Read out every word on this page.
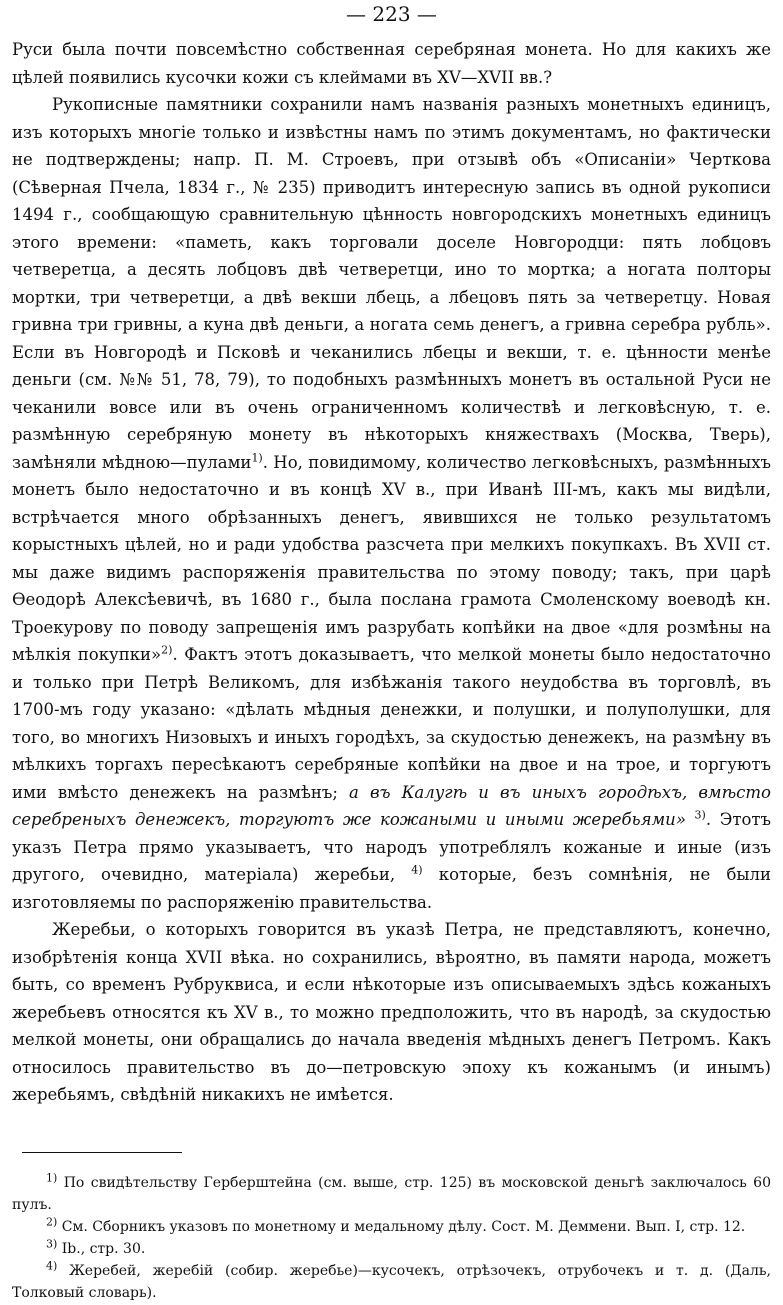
— 223 —

Руси была почти повсемѣстно собственная серебряная монета. Но для какихъ же цѣлей появились кусочки кожи съ клеймами въ XV—XVII вв.?

Рукописные памятники сохранили намъ названія разныхъ монетныхъ единицъ, изъ которыхъ многіе только и извѣстны намъ по этимъ документамъ, но фактически не подтверждены; напр. П. М. Строевъ, при отзывѣ объ «Описаніи» Черткова (Сѣверная Пчела, 1834 г., № 235) приводитъ интересную запись въ одной рукописи 1494 г., сообщающую сравнительную цѣнность новгородскихъ монетныхъ единицъ этого времени: «паметь, какъ торговали доселе Новгородци: пять лобцовъ четверетца, а десять лобцовъ двѣ четверетци, ино то мортка; а ногата полторы мортки, три четверетци, а двѣ векши лбець, а лбецовъ пять за четверетцу. Новая гривна три гривны, а куна двѣ деньги, а ногата семь денегъ, а гривна серебра рубль». Если въ Новгородѣ и Псковѣ и чеканились лбецы и векши, т. е. цѣнности менѣе деньги (см. №№ 51, 78, 79), то подобныхъ размѣнныхъ монетъ въ остальной Руси не чеканили вовсе или въ очень ограниченномъ количествѣ и легковѣсную, т. е. размѣнную серебряную монету въ нѣкоторыхъ княжествахъ (Москва, Тверь), замѣняли мѣдною—пулами$^{1)}$. Но, повидимому, количество легковѣсныхъ, размѣнныхъ монетъ было недостаточно и въ концѣ XV в., при Иванѣ III-мъ, какъ мы видѣли, встрѣчается много обрѣзанныхъ денегъ, явившихся не только результатомъ корыстныхъ цѣлей, но и ради удобства разсчета при мелкихъ покупкахъ. Въ XVII ст. мы даже видимъ распоряженія правительства по этому поводу; такъ, при царѣ Ѳеодорѣ Алексѣевичѣ, въ 1680 г., была послана грамота Смоленскому воеводѣ кн. Троекурову по поводу запрещенія имъ разрубать копѣйки на двое «для розмѣны на мѣлкія покупки»$^{2)}$. Фактъ этотъ доказываетъ, что мелкой монеты было недостаточно и только при Петрѣ Великомъ, для избѣжанія такого неудобства въ торговлѣ, въ 1700-мъ году указано: «дѣлать мѣдныя денежки, и полушки, и полуполушки, для того, во многихъ Низовыхъ и иныхъ городѣхъ, за скудостью денежекъ, на размѣну въ мѣлкихъ торгахъ пересѣкаютъ серебряные копѣйки на двое и на трое, и торгуютъ ими вмѣсто денежекъ на размѣнъ; а въ Калугѣ и въ иныхъ городѣхъ, вмѣсто серебреныхъ денежекъ, торгуютъ же кожаными и иными жеребьями» $^{3)}$. Этотъ указъ Петра прямо указываетъ, что народъ употреблялъ кожаные и иные (изъ другого, очевидно, матеріала) жеребьи, $^{4)}$ которые, безъ сомнѣнія, не были изготовляемы по распоряженію правительства.

Жеребьи, о которыхъ говорится въ указѣ Петра, не представляютъ, конечно, изобрѣтенія конца XVII вѣка. но сохранились, вѣроятно, въ памяти народа, можетъ быть, со временъ Рубруквиса, и если нѣкоторые изъ описываемыхъ здѣсь кожаныхъ жеребьевъ относятся къ XV в., то можно предположить, что въ народѣ, за скудостью мелкой монеты, они обращались до начала введенія мѣдныхъ денегъ Петромъ. Какъ относилось правительство въ до—петровскую эпоху къ кожанымъ (и инымъ) жеребьямъ, свѣдѣній никакихъ не имѣется.

$^{1)}$ По свидѣтельству Герберштейна (см. выше, стр. 125) въ московской деньгѣ заключалось 60 пулъ.

$^{2)}$ См. Сборникъ указовъ по монетному и медальному дѣлу. Сост. М. Деммени. Вып. I, стр. 12.

$^{3)}$ Ib., стр. 30.

$^{4)}$ Жеребей, жеребій (собир. жеребье)—кусочекъ, отрѣзочекъ, отрубочекъ и т. д. (Даль, Толковый словарь).
